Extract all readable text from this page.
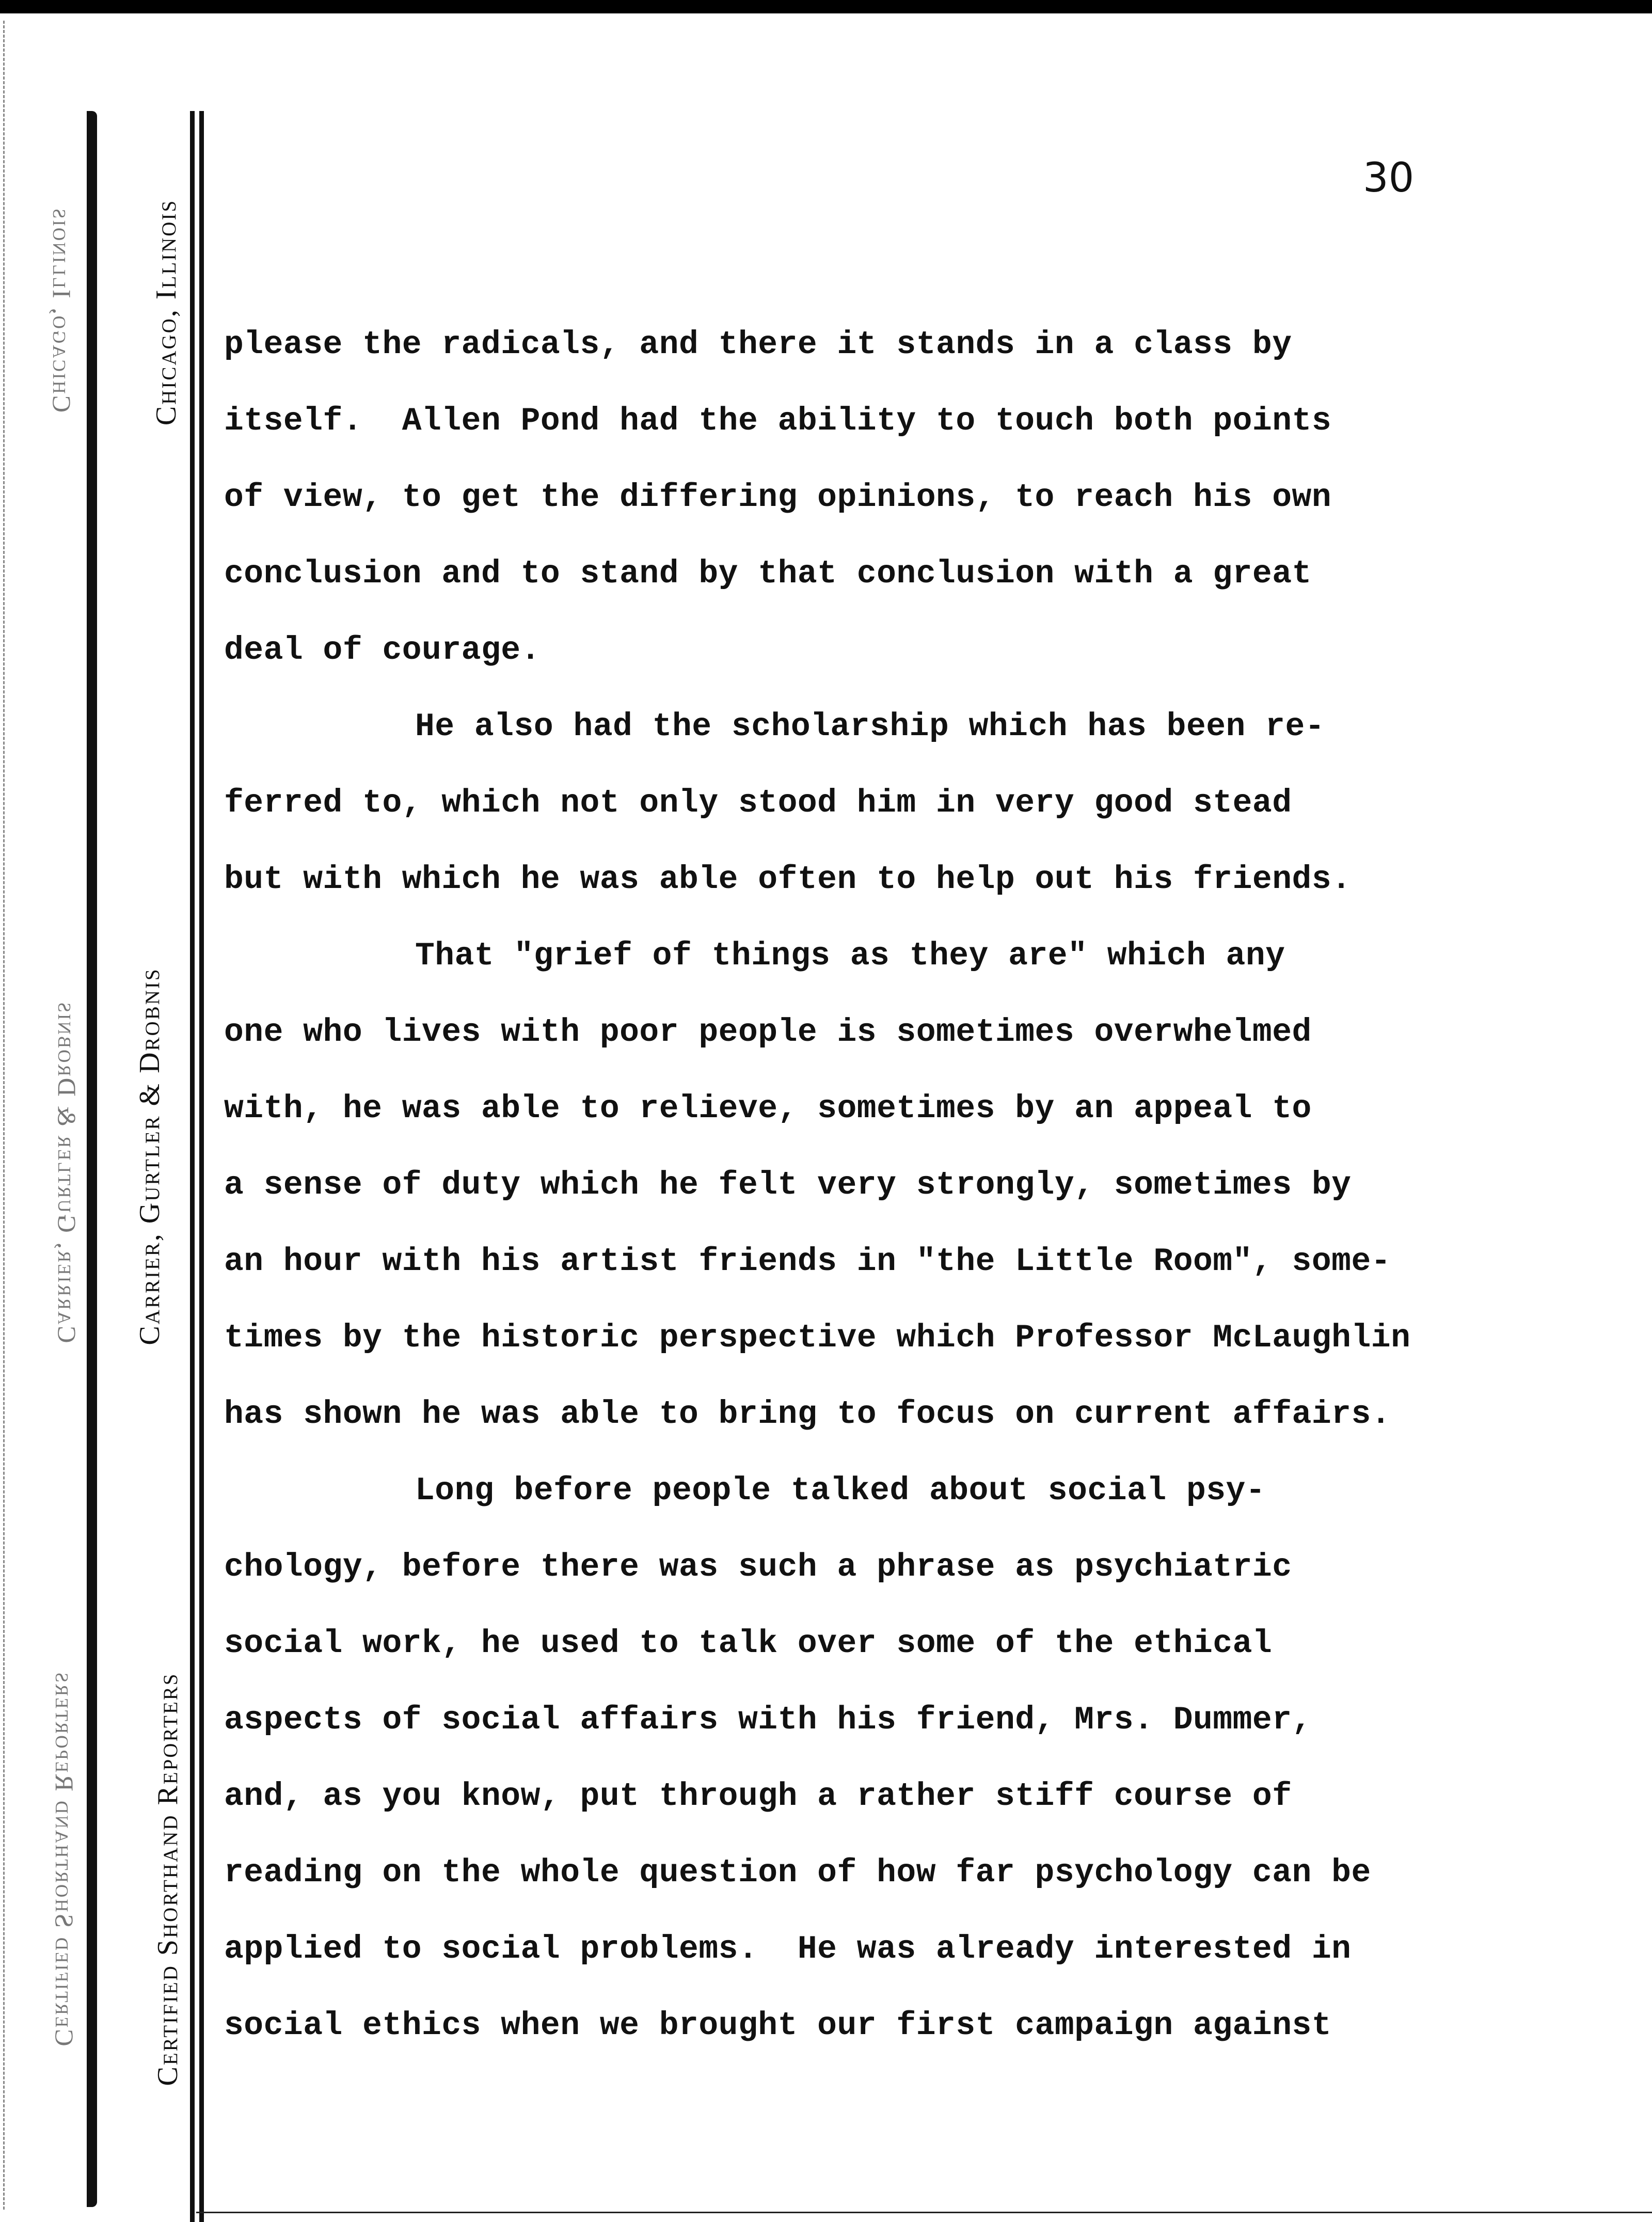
Chicago, Illinois
Carrier, Gurtler & Drobnis
Certified Shorthand Reporters
Chicago, Illinois
Carrier, Gurtler & Drobnis
Certified Shorthand Reporters
30
please the radicals, and there it stands in a class by
itself.  Allen Pond had the ability to touch both points
of view, to get the differing opinions, to reach his own
conclusion and to stand by that conclusion with a great
deal of courage.
He also had the scholarship which has been re-
ferred to, which not only stood him in very good stead
but with which he was able often to help out his friends.
That "grief of things as they are" which any
one who lives with poor people is sometimes overwhelmed
with, he was able to relieve, sometimes by an appeal to
a sense of duty which he felt very strongly, sometimes by
an hour with his artist friends in "the Little Room", some-
times by the historic perspective which Professor McLaughlin
has shown he was able to bring to focus on current affairs.
Long before people talked about social psy-
chology, before there was such a phrase as psychiatric
social work, he used to talk over some of the ethical
aspects of social affairs with his friend, Mrs. Dummer,
and, as you know, put through a rather stiff course of
reading on the whole question of how far psychology can be
applied to social problems.  He was already interested in
social ethics when we brought our first campaign against
